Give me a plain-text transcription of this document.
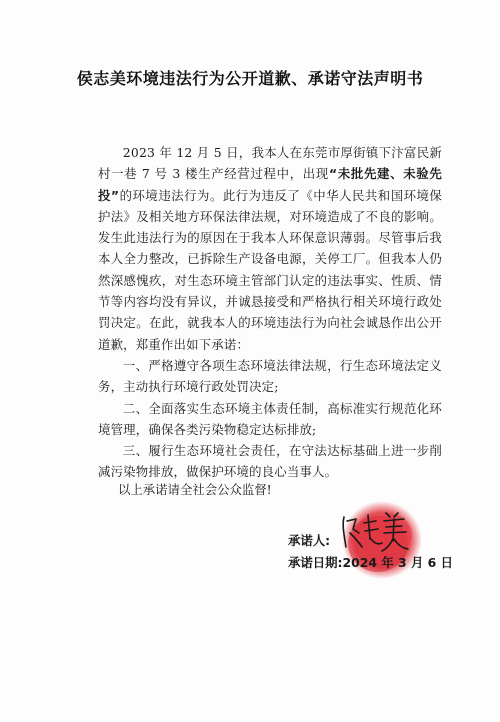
侯志美环境违法行为公开道歉、承诺守法声明书

2023 年 12 月 5 日，我本人在东莞市厚街镇下汴富民新村一巷 7 号 3 楼生产经营过程中，出现“未批先建、未验先投”的环境违法行为。此行为违反了《中华人民共和国环境保护法》及相关地方环保法律法规，对环境造成了不良的影响。发生此违法行为的原因在于我本人环保意识薄弱。尽管事后我本人全力整改，已拆除生产设备电源，关停工厂。但我本人仍然深感愧疚，对生态环境主管部门认定的违法事实、性质、情节等内容均没有异议，并诚恳接受和严格执行相关环境行政处罚决定。在此，就我本人的环境违法行为向社会诚恳作出公开道歉，郑重作出如下承诺：

一、严格遵守各项生态环境法律法规，行生态环境法定义务，主动执行环境行政处罚决定;

二、全面落实生态环境主体责任制，高标准实行规范化环境管理，确保各类污染物稳定达标排放;

三、履行生态环境社会责任，在守法达标基础上进一步削减污染物排放，做保护环境的良心当事人。

以上承诺请全社会公众监督!
承诺人:
承诺日期:2024 年 3 月 6 日
